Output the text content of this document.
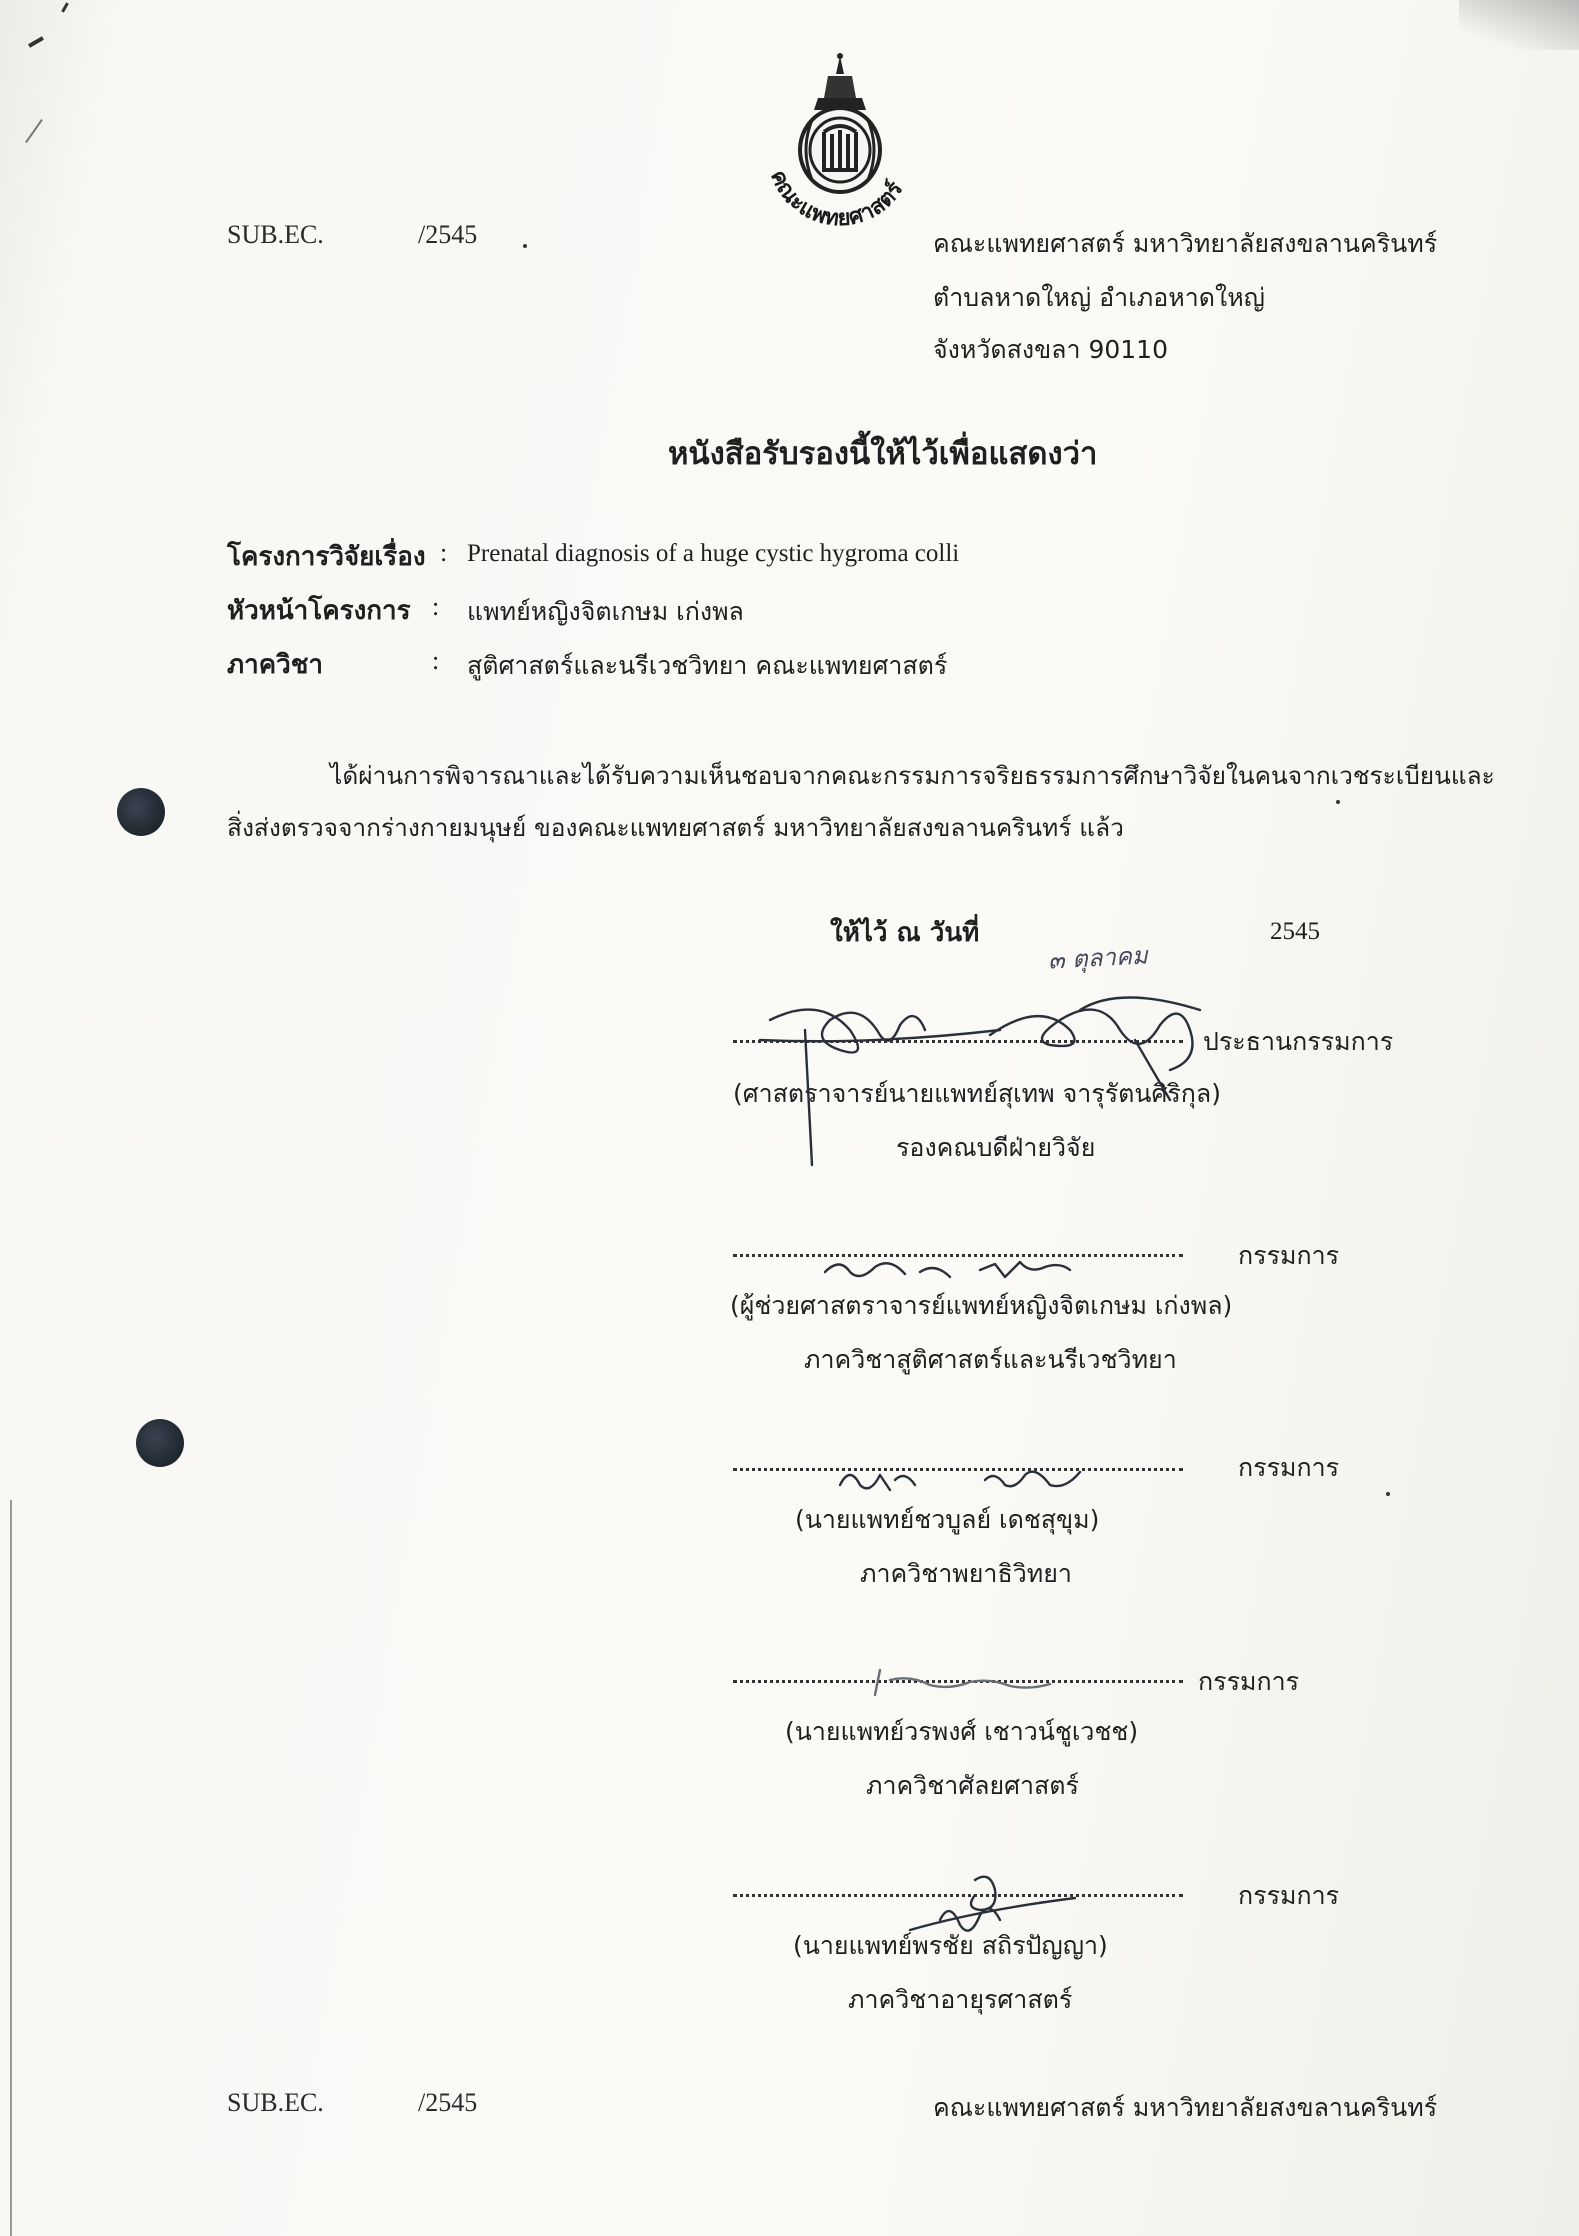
คณะแพทยศาสตร์
SUB.EC.	/2545	คณะแพทยศาสตร์ มหาวิทยาลัยสงขลานครินทร์
ตำบลหาดใหญ่ อำเภอหาดใหญ่
จังหวัดสงขลา 90110
หนังสือรับรองนี้ให้ไว้เพื่อแสดงว่า
โครงการวิจัยเรื่อง : Prenatal diagnosis of a huge cystic hygroma colli
หัวหน้าโครงการ : แพทย์หญิงจิตเกษม เก่งพล
ภาควิชา	: สูติศาสตร์และนรีเวชวิทยา คณะแพทยศาสตร์
ได้ผ่านการพิจารณาและได้รับความเห็นชอบจากคณะกรรมการจริยธรรมการศึกษาวิจัยในคนจากเวชระเบียนและ
สิ่งส่งตรวจจากร่างกายมนุษย์ ของคณะแพทยศาสตร์ มหาวิทยาลัยสงขลานครินทร์ แล้ว
ให้ไว้ ณ วันที่
๓ ตุลาคม
2545
ประธานกรรมการ
(ศาสตราจารย์นายแพทย์สุเทพ จารุรัตนศิริกุล)
รองคณบดีฝ่ายวิจัย
กรรมการ
(ผู้ช่วยศาสตราจารย์แพทย์หญิงจิตเกษม เก่งพล)
ภาควิชาสูติศาสตร์และนรีเวชวิทยา
กรรมการ
(นายแพทย์ชวบูลย์ เดชสุขุม)
ภาควิชาพยาธิวิทยา
กรรมการ
(นายแพทย์วรพงศ์ เชาวน์ชูเวชช)
ภาควิชาศัลยศาสตร์
กรรมการ
(นายแพทย์พรชัย สถิรปัญญา)
ภาควิชาอายุรศาสตร์
SUB.EC.	/2545	คณะแพทยศาสตร์ มหาวิทยาลัยสงขลานครินทร์
